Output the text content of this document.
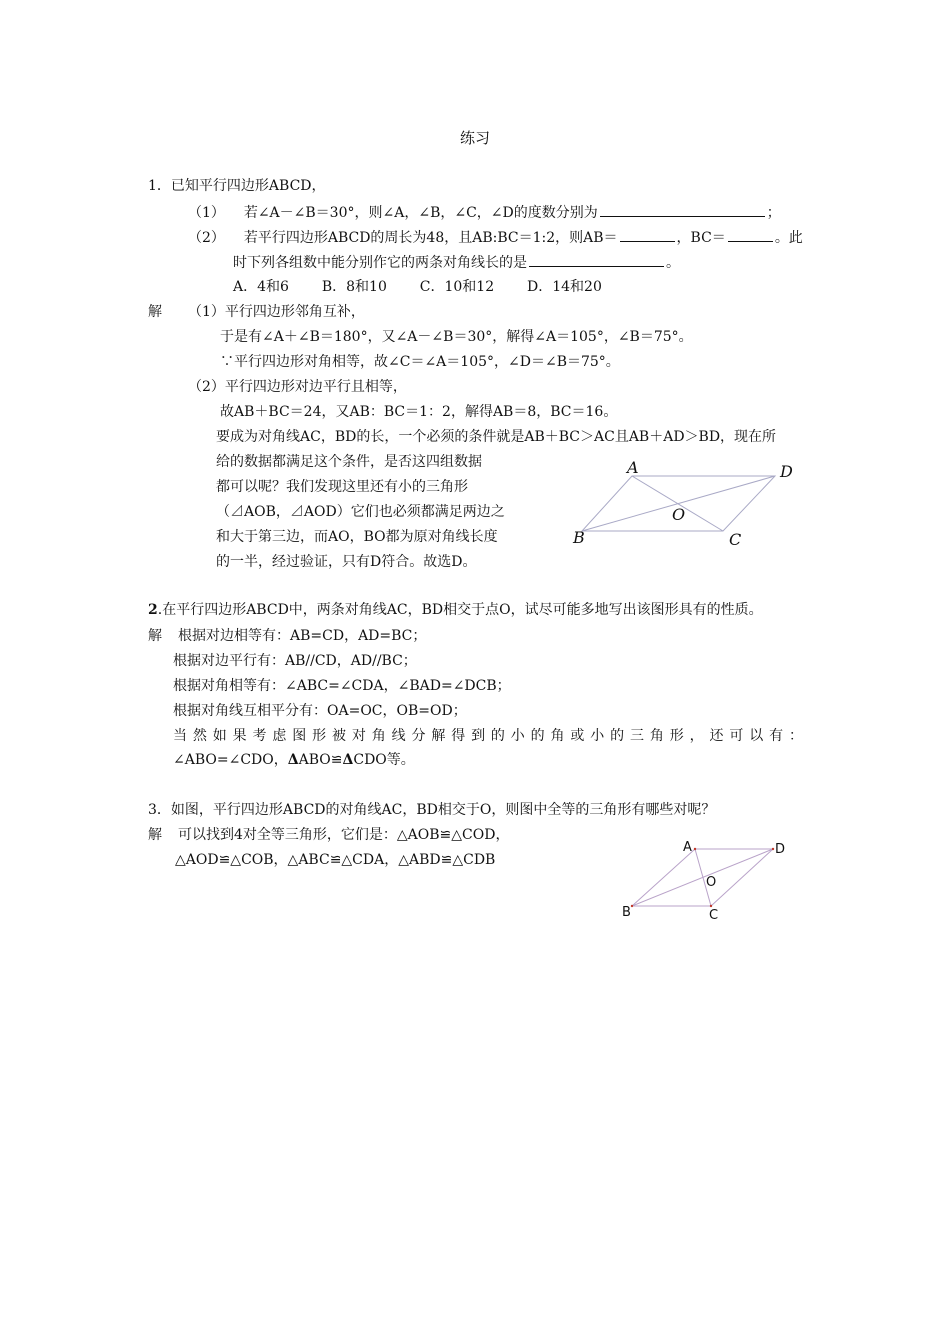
练习
1．已知平行四边形ABCD，
（1） 若∠A－∠B＝30°，则∠A，∠B，∠C，∠D的度数分别为	；
（2） 若平行四边形ABCD的周长为48，且AB:BC＝1:2，则AB＝	，BC＝	。此
时下列各组数中能分别作它的两条对角线长的是	。
A．4和6 B．8和10 C．10和12 D．14和20
解 （1）平行四边形邻角互补，
于是有∠A＋∠B＝180°，又∠A－∠B＝30°，解得∠A＝105°，∠B＝75°。
∵平行四边形对角相等，故∠C＝∠A＝105°，∠D＝∠B＝75°。
（2）平行四边形对边平行且相等，
故AB＋BC＝24，又AB：BC＝1：2，解得AB＝8，BC＝16。
要成为对角线AC，BD的长，一个必须的条件就是AB＋BC＞AC且AB＋AD＞BD，现在所
给的数据都满足这个条件，是否这四组数据
都可以呢？我们发现这里还有小的三角形
（⊿AOB，⊿AOD）它们也必须都满足两边之
和大于第三边，而AO，BO都为原对角线长度
的一半，经过验证，只有D符合。故选D。
A	D
O
B	C
2.在平行四边形ABCD中，两条对角线AC，BD相交于点O，试尽可能多地写出该图形具有的性质。
解 根据对边相等有：AB=CD，AD=BC；
根据对边平行有：AB//CD，AD//BC；
根据对角相等有：∠ABC=∠CDA，∠BAD=∠DCB；
根据对角线互相平分有：OA=OC，OB=OD；
当然如果考虑图形被对角线分解得到的小的角或小的三角形，还可以有：
∠ABO=∠CDO，ΔABO≌ΔCDO等。
3．如图，平行四边形ABCD的对角线AC，BD相交于O，则图中全等的三角形有哪些对呢？
解 可以找到4对全等三角形，它们是：△AOB≌△COD，
△AOD≌△COB，△ABC≌△CDA，△ABD≌△CDB
A	D
O
B	C
